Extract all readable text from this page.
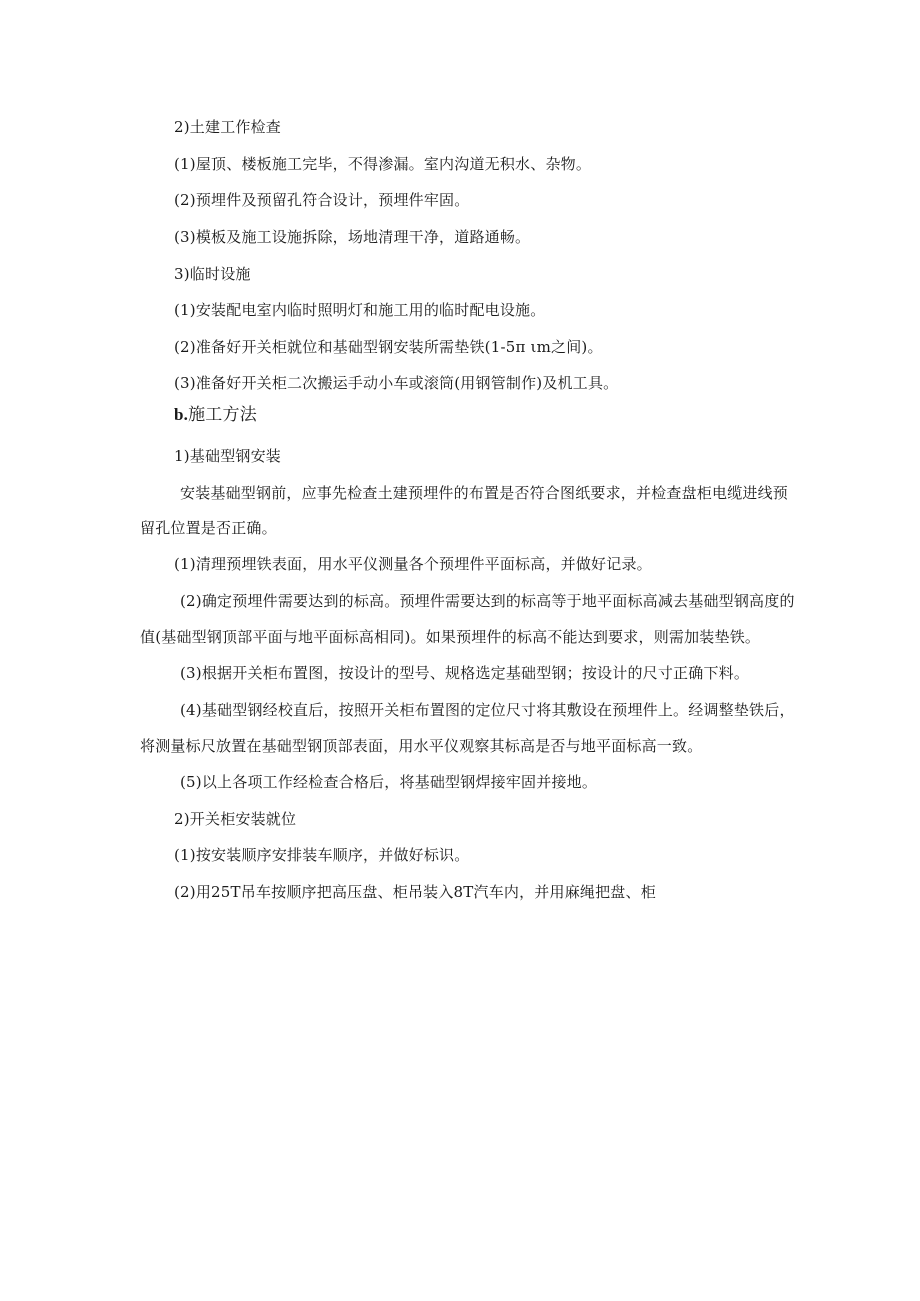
2)土建工作检查
(1)屋顶、楼板施工完毕，不得渗漏。室内沟道无积水、杂物。
(2)预埋件及预留孔符合设计，预埋件牢固。
(3)模板及施工设施拆除，场地清理干净，道路通畅。
3)临时设施
(1)安装配电室内临时照明灯和施工用的临时配电设施。
(2)准备好开关柜就位和基础型钢安装所需垫铁(1-5π ιm之间)。
(3)准备好开关柜二次搬运手动小车或滚筒(用钢管制作)及机工具。
b.施工方法
1)基础型钢安装
安装基础型钢前，应事先检查土建预埋件的布置是否符合图纸要求，并检查盘柜电缆进线预
留孔位置是否正确。
(1)清理预埋铁表面，用水平仪测量各个预埋件平面标高，并做好记录。
(2)确定预埋件需要达到的标高。预埋件需要达到的标高等于地平面标高减去基础型钢高度的
值(基础型钢顶部平面与地平面标高相同)。如果预埋件的标高不能达到要求，则需加装垫铁。
(3)根据开关柜布置图，按设计的型号、规格选定基础型钢；按设计的尺寸正确下料。
(4)基础型钢经校直后，按照开关柜布置图的定位尺寸将其敷设在预埋件上。经调整垫铁后，
将测量标尺放置在基础型钢顶部表面，用水平仪观察其标高是否与地平面标高一致。
(5)以上各项工作经检查合格后，将基础型钢焊接牢固并接地。
2)开关柜安装就位
(1)按安装顺序安排装车顺序，并做好标识。
(2)用25T吊车按顺序把高压盘、柜吊装入8T汽车内，并用麻绳把盘、柜
